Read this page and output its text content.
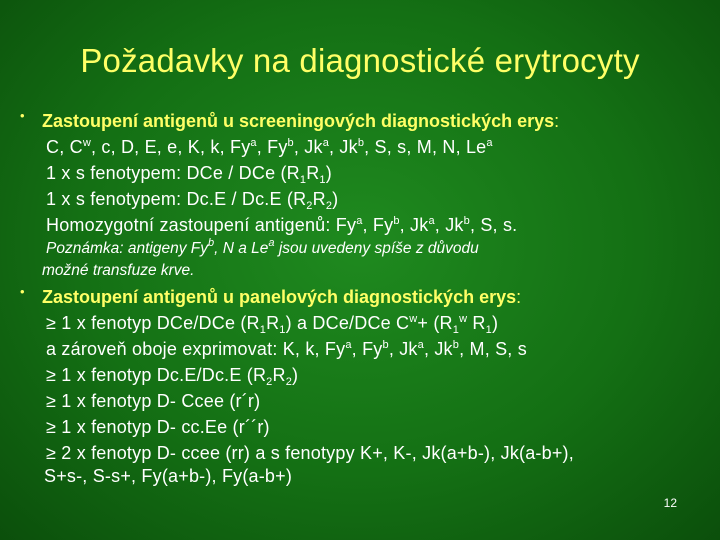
Požadavky na diagnostické erytrocyty
• Zastoupení antigenů u screeningových diagnostických erys:
C, $C^w$, c, D, E, e, K, k, Fy$^a$, Fy$^b$, Jk$^a$, Jk$^b$, S, s, M, N, Le$^a$
1 x s fenotypem: DCe / DCe $(R_1R_1)$
1 x s fenotypem: Dc.E / Dc.E $(R_2R_2)$
Homozygotní zastoupení antigenů: Fy$^a$, Fy$^b$, Jk$^a$, Jk$^b$, S, s.
Poznámka: antigeny Fy$^b$, N a Le$^a$ jsou uvedeny spíše z důvodu
možné transfuze krve.
• Zastoupení antigenů u panelových diagnostických erys:
≥ 1 x fenotyp DCe/DCe $(R_1R_1)$ a DCe/DCe $C^w+ (R_1^w$ $R_1$)
a zároveň oboje exprimovat: K, k, Fy$^a$, Fy$^b$, Jk$^a$, Jk$^b$, M, S, s
≥ 1 x fenotyp Dc.E/Dc.E $(R_2R_2)$
≥ 1 x fenotyp D- Ccee (r´r)
≥ 1 x fenotyp D- cc.Ee (r´´r)
≥ 2 x fenotyp D- ccee (rr) a s fenotypy K+, K-, Jk(a+b-), Jk(a-b+),
S+s-, S-s+, Fy(a+b-), Fy(a-b+)
12
